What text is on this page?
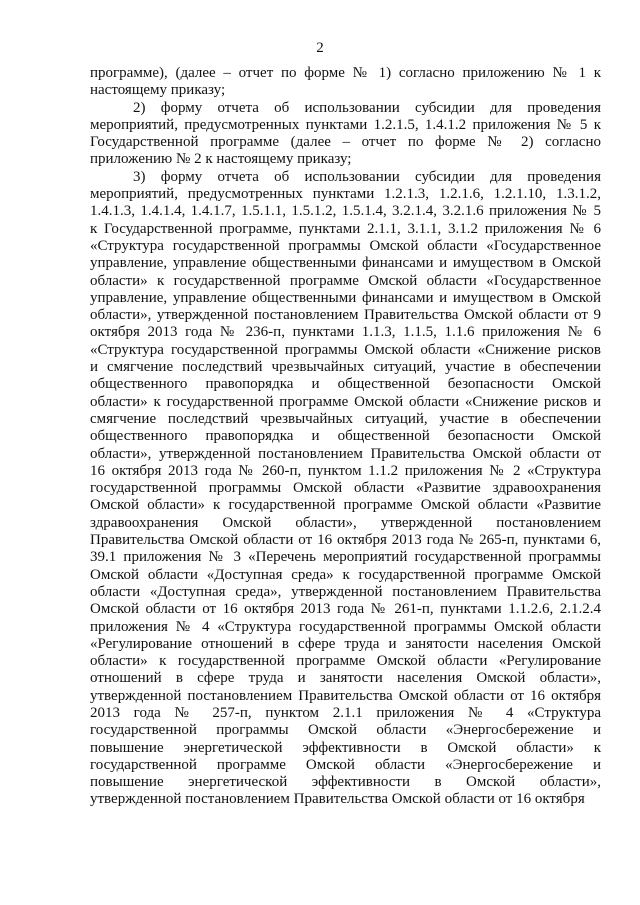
2
программе), (далее – отчет по форме № 1) согласно приложению № 1 к
настоящему приказу;
2) форму отчета об использовании субсидии для проведения
мероприятий, предусмотренных пунктами 1.2.1.5, 1.4.1.2 приложения № 5 к
Государственной программе (далее – отчет по форме № 2) согласно
приложению № 2 к настоящему приказу;
3) форму отчета об использовании субсидии для проведения
мероприятий, предусмотренных пунктами 1.2.1.3, 1.2.1.6, 1.2.1.10, 1.3.1.2,
1.4.1.3, 1.4.1.4, 1.4.1.7, 1.5.1.1, 1.5.1.2, 1.5.1.4, 3.2.1.4, 3.2.1.6 приложения № 5
к Государственной программе, пунктами 2.1.1, 3.1.1, 3.1.2 приложения № 6
«Структура государственной программы Омской области «Государственное
управление, управление общественными финансами и имуществом в Омской
области» к государственной программе Омской области «Государственное
управление, управление общественными финансами и имуществом в Омской
области», утвержденной постановлением Правительства Омской области от 9
октября 2013 года № 236-п, пунктами 1.1.3, 1.1.5, 1.1.6 приложения № 6
«Структура государственной программы Омской области «Снижение рисков
и смягчение последствий чрезвычайных ситуаций, участие в обеспечении
общественного правопорядка и общественной безопасности Омской
области» к государственной программе Омской области «Снижение рисков и
смягчение последствий чрезвычайных ситуаций, участие в обеспечении
общественного правопорядка и общественной безопасности Омской
области», утвержденной постановлением Правительства Омской области от
16 октября 2013 года № 260-п, пунктом 1.1.2 приложения № 2 «Структура
государственной программы Омской области «Развитие здравоохранения
Омской области» к государственной программе Омской области «Развитие
здравоохранения Омской области», утвержденной постановлением
Правительства Омской области от 16 октября 2013 года № 265-п, пунктами 6,
39.1 приложения № 3 «Перечень мероприятий государственной программы
Омской области «Доступная среда» к государственной программе Омской
области «Доступная среда», утвержденной постановлением Правительства
Омской области от 16 октября 2013 года № 261-п, пунктами 1.1.2.6, 2.1.2.4
приложения № 4 «Структура государственной программы Омской области
«Регулирование отношений в сфере труда и занятости населения Омской
области» к государственной программе Омской области «Регулирование
отношений в сфере труда и занятости населения Омской области»,
утвержденной постановлением Правительства Омской области от 16 октября
2013 года № 257-п, пунктом 2.1.1 приложения № 4 «Структура
государственной программы Омской области «Энергосбережение и
повышение энергетической эффективности в Омской области» к
государственной программе Омской области «Энергосбережение и
повышение энергетической эффективности в Омской области»,
утвержденной постановлением Правительства Омской области от 16 октября
